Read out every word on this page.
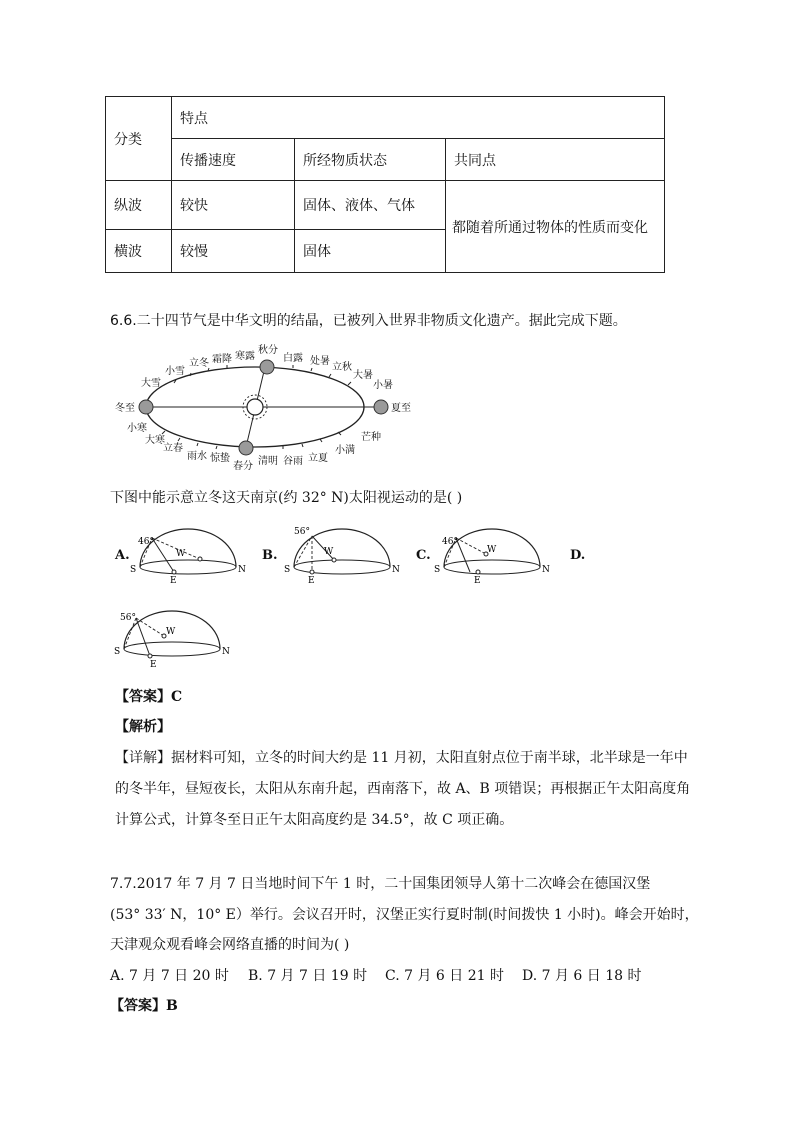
分类
特点
传播速度	所经物质状态	共同点
纵波	较快	固体、液体、气体
横波	较慢	固体
都随着所通过物体的性质而变化
6.6.二十四节气是中华文明的结晶，已被列入世界非物质文化遗产。据此完成下题。
冬至	夏至
小寒
大寒
立春
雨水 惊蛰
春分 清明 谷雨 立夏
小满
芒种
小暑
大暑
立秋
处暑
白露
秋分
寒露
霜降
立冬
小雪
大雪
下图中能示意立冬这天南京(约 32° N)太阳视运动的是( )
A.	B.	C.	D.
46°
S	N
W
E
56°
S	N
W
E
46°
S	N
W
E
56°
S	N
W
E
【答案】C
【解析】
【详解】据材料可知，立冬的时间大约是 11 月初，太阳直射点位于南半球，北半球是一年中
的冬半年，昼短夜长，太阳从东南升起，西南落下，故 A、B 项错误；再根据正午太阳高度角
计算公式，计算冬至日正午太阳高度约是 34.5°，故 C 项正确。
7.7.2017 年 7 月 7 日当地时间下午 1 时，二十国集团领导人第十二次峰会在德国汉堡
(53° 33′ N，10° E）举行。会议召开时，汉堡正实行夏时制(时间拨快 1 小时)。峰会开始时，
天津观众观看峰会网络直播的时间为( )
A. 7 月 7 日 20 时 B. 7 月 7 日 19 时 C. 7 月 6 日 21 时 D. 7 月 6 日 18 时
【答案】B
